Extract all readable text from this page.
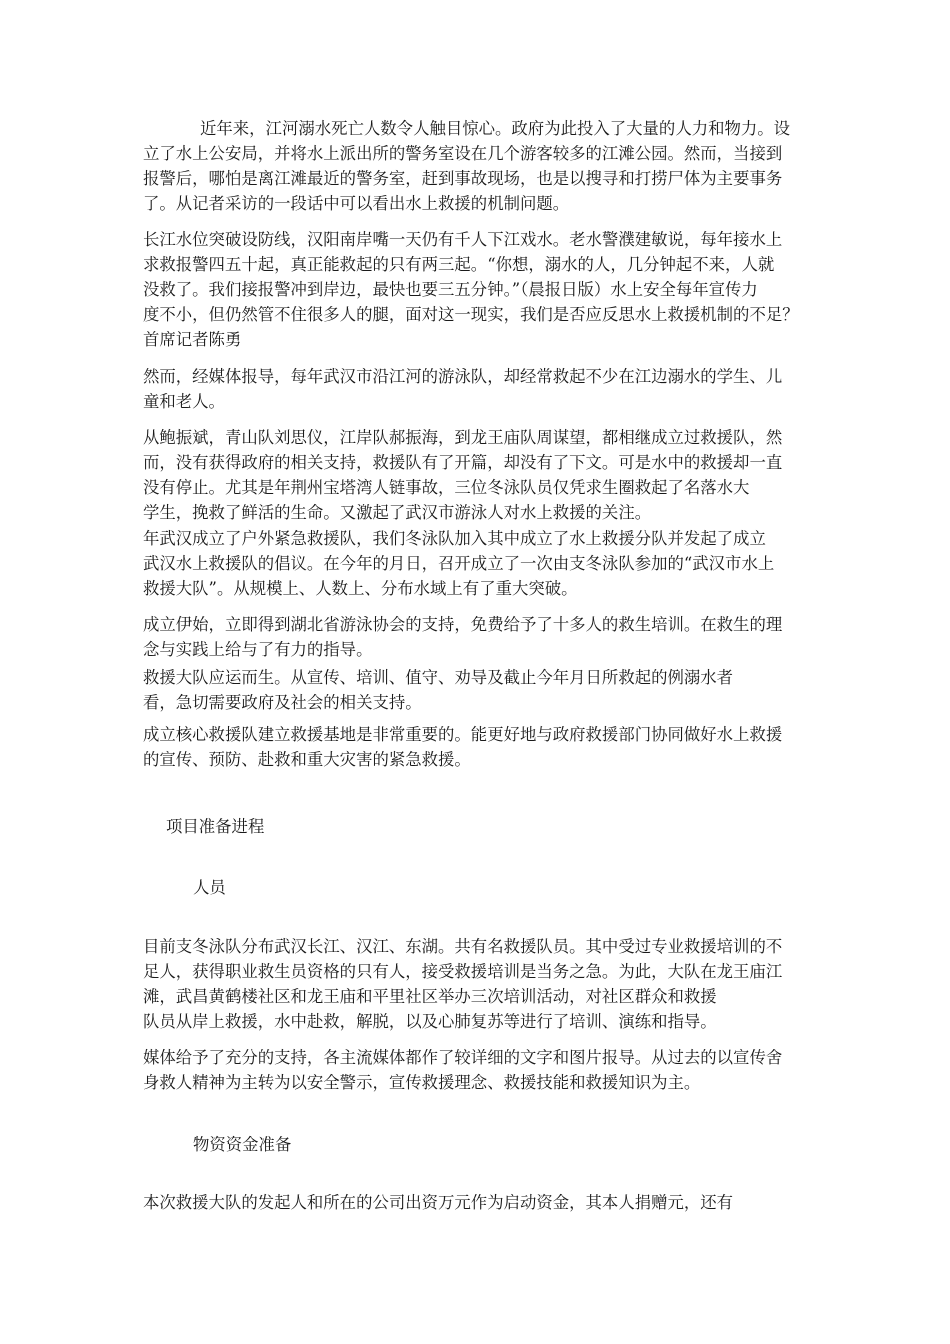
近年来，江河溺水死亡人数令人触目惊心。政府为此投入了大量的人力和物力。设
立了水上公安局，并将水上派出所的警务室设在几个游客较多的江滩公园。然而，当接到
报警后，哪怕是离江滩最近的警务室，赶到事故现场，也是以搜寻和打捞尸体为主要事务
了。从记者采访的一段话中可以看出水上救援的机制问题。
长江水位突破设防线，汉阳南岸嘴一天仍有千人下江戏水。老水警濮建敏说，每年接水上
求救报警四五十起，真正能救起的只有两三起。“你想，溺水的人，几分钟起不来，人就
没救了。我们接报警冲到岸边，最快也要三五分钟。”（晨报日版）水上安全每年宣传力
度不小，但仍然管不住很多人的腿，面对这一现实，我们是否应反思水上救援机制的不足？
首席记者陈勇
然而，经媒体报导，每年武汉市沿江河的游泳队，却经常救起不少在江边溺水的学生、儿
童和老人。
从鲍振斌，青山队刘思仪，江岸队郝振海，到龙王庙队周谋望，都相继成立过救援队，然
而，没有获得政府的相关支持，救援队有了开篇，却没有了下文。可是水中的救援却一直
没有停止。尤其是年荆州宝塔湾人链事故，三位冬泳队员仅凭求生圈救起了名落水大
学生，挽救了鲜活的生命。又激起了武汉市游泳人对水上救援的关注。
年武汉成立了户外紧急救援队，我们冬泳队加入其中成立了水上救援分队并发起了成立
武汉水上救援队的倡议。在今年的月日，召开成立了一次由支冬泳队参加的“武汉市水上
救援大队”。从规模上、人数上、分布水域上有了重大突破。
成立伊始，立即得到湖北省游泳协会的支持，免费给予了十多人的救生培训。在救生的理
念与实践上给与了有力的指导。
救援大队应运而生。从宣传、培训、值守、劝导及截止今年月日所救起的例溺水者
看，急切需要政府及社会的相关支持。
成立核心救援队建立救援基地是非常重要的。能更好地与政府救援部门协同做好水上救援
的宣传、预防、赴救和重大灾害的紧急救援。
项目准备进程
人员
目前支冬泳队分布武汉长江、汉江、东湖。共有名救援队员。其中受过专业救援培训的不
足人，获得职业救生员资格的只有人，接受救援培训是当务之急。为此，大队在龙王庙江
滩，武昌黄鹤楼社区和龙王庙和平里社区举办三次培训活动，对社区群众和救援
队员从岸上救援，水中赴救，解脱，以及心肺复苏等进行了培训、演练和指导。
媒体给予了充分的支持，各主流媒体都作了较详细的文字和图片报导。从过去的以宣传舍
身救人精神为主转为以安全警示，宣传救援理念、救援技能和救援知识为主。
物资资金准备
本次救援大队的发起人和所在的公司出资万元作为启动资金，其本人捐赠元，还有
